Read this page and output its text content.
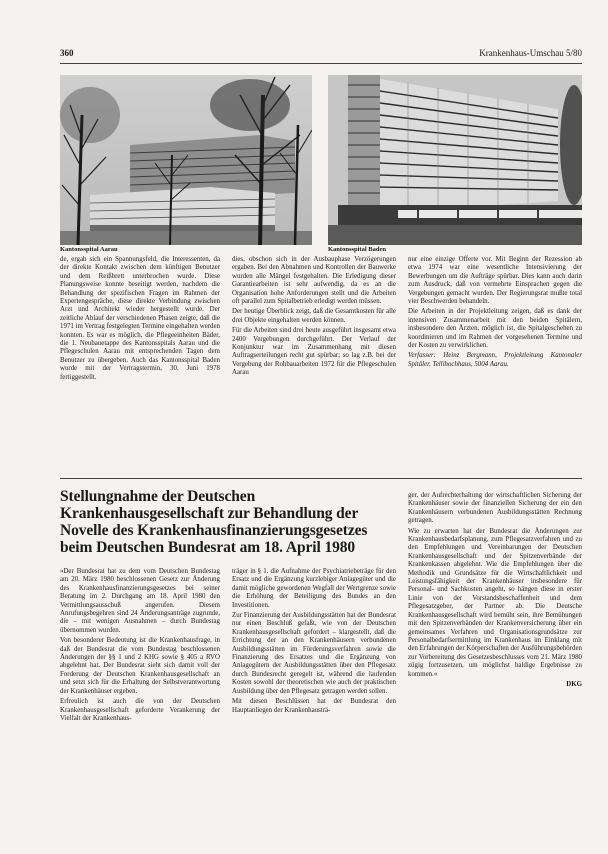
360	Krankenhaus-Umschau 5/80
Kantonsspital Aarau	Kantonsspital Baden

de, ergab sich ein Spannungsfeld, die Interessenten, da der direkte Kontakt zwischen dem künftigen Benutzer und dem Reißbrett unterbrochen wurde. Diese Planungsweise konnte beseitigt werden, nachdem die Behandlung der spezifischen Fragen im Rahmen der Expertengespräche, diese direkte Verbindung zwischen Arzt und Architekt wieder hergestellt wurde. Der zeitliche Ablauf der verschiedenen Phasen zeigte, daß die 1971 im Vertrag festgelegten Termine eingehalten werden konnten. Es war es möglich, die Pflegeeinheiten Bäder, die 1. Neubauetappe des Kantonsspitals Aarau und die Pflegeschulen Aarau mit entsprechenden Tagen dem Benutzer zu übergeben. Auch das Kantonsspital Baden wurde mit der Vertragstermin, 30. Juni 1978 fertiggestellt.

dies, obschon sich in der Ausbauphase Verzögerungen ergaben. Bei den Abnahmen und Kontrollen der Bauwerke wurden alle Mängel festgehalten. Die Erledigung dieser Garantiearbeiten ist sehr aufwendig, da es an die Organisation hohe Anforderungen stellt und die Arbeiten oft parallel zum Spitalbetrieb erledigt werden müssen.

Der heutige Überblick zeigt, daß die Gesamtkosten für alle drei Objekte eingehalten werden können.

Für die Arbeiten sind drei heute ausgeführt insgesamt etwa 2400 Vergebungen durchgeführt. Der Verlauf der Konjunktur war im Zusammenhang mit diesen Auftragserteilungen recht gut spürbar; so lag z.B. bei der Vergebung der Rohbauarbeiten 1972 für die Pflegeschulen Aarau

nur eine einzige Offerte vor. Mit Beginn der Rezession ab etwa 1974 war eine wesentliche Intensivierung der Bewerbungen um die Aufträge spürbar. Dies kann auch darin zum Ausdruck, daß von vermehrte Einsprachen gegen die Vergebungen gemacht wurden. Der Regierungsrat mußte total vier Beschwerden behandeln.

Die Arbeiten in der Projektleitung zeigen, daß es dank der intensiven Zusammenarbeit mit den beiden Spitälern, insbesondere den Ärzten, möglich ist, die Spitalgeschehen zu koordinieren und im Rahmen der vorgesehenen Termine und der Kosten zu verwirklichen.

Verfasser: Heinz Bergmann, Projektleitung Kantonaler Spitäler, Tellihochhaus, 5004 Aarau.

Stellungnahme der Deutschen Krankenhausgesellschaft zur Behandlung der Novelle des Krankenhausfinanzierungsgesetzes beim Deutschen Bundesrat am 18. April 1980

»Der Bundesrat hat zu dem vom Deutschen Bundestag am 20. März 1980 beschlossenen Gesetz zur Änderung des Krankenhausfinanzierungsgesetzes bei seiner Beratung im 2. Durchgang am 18. April 1980 den Vermittlungsausschuß angerufen. Diesem Anrufungsbegehren sind 24 Änderungsanträge zugrunde, die – mit wenigen Ausnahmen – durch Bundestag übernommen wurden.

Von besonderer Bedeutung ist die Krankenhausfrage, in daß der Bundesrat die vom Bundestag beschlossenen Änderungen der §§ 1 und 2 KHG sowie § 405 a RVO abgelehnt hat. Der Bundesrat sieht sich damit voll der Forderung der Deutschen Krankenhausgesellschaft an und setzt sich für die Erhaltung der Selbstverantwortung der Krankenhäuser ergeben.

Erfreulich ist auch die von der Deutschen Krankenhausgesellschaft geforderte Verankerung der Vielfalt der Krankenhaus-

träger in § 1. die Aufnahme der Psychiatriebeträge für den Ersatz und die Ergänzung kurzlebiger Anlagegüter und die damit mögliche gewordenen Wegfall der Wertgrenze sowie die Erhöhung der Beteiligung des Bundes an den Investitionen.

Zur Finanzierung der Ausbildungsstätten hat der Bundesrat nur einen Beschluß gefaßt, wie von der Deutschen Krankenhausgesellschaft gefordert – klargestellt, daß die Errichtung der an den Krankenhäusern verbundenen Ausbildungsstätten im Förderungsverfahren sowie die Finanzierung des Ersatzes und die Ergänzung von Anlagegütern der Ausbildungsstätten über den Pflegesatz durch Bundesrecht geregelt ist, während die laufenden Kosten sowohl der theoretischen wie auch der praktischen Ausbildung über den Pflegesatz getragen werden sollen.

Mit diesen Beschlüssen hat der Bundesrat den Hauptanliegen der Krankenhausträ-

ger, der Aufrechterhaltung der wirtschaftlichen Sicherung der Krankenhäuser sowie der finanziellen Sicherung der ein den Krankenhäusern verbundenen Ausbildungsstätten Rechnung getragen.

Wie zu erwarten hat der Bundesrat die Änderungen zur Krankenhausbedarfsplanung, zum Pflegesatzverfahren und zu den Empfehlungen und Vereinbarungen der Deutschen Krankenhausgesellschaft und der Spitzenverbände der Krankenkassen abgelehnt. Wie die Empfehlungen über die Methodik und Grundsätze für die Wirtschaftlichkeit und Leistungsfähigkeit der Krankenhäuser insbesondere für Personal- und Sachkosten angeht, so hängen diese in erster Linie von der Vorstandsbeschaffenheit und dem Pflegesatzgeber, der Partner ab. Die Deutsche Krankenhausgesellschaft wird bemüht sein, ihre Bemühungen mit den Spitzenverbänden der Krankenversicherung über ein gemeinsames Verfahren und Organisationsgrundsätze zur Personalbedarfsermittlung im Krankenhaus im Einklang mit den Erfahrungen der Körperschaften der Ausführungsbehörden zur Vorbereitung des Gesetzesbeschlusses vom 21. März 1980 zügig fortzusetzen, um möglichst baldige Ergebnisse zu kommen.«

DKG
